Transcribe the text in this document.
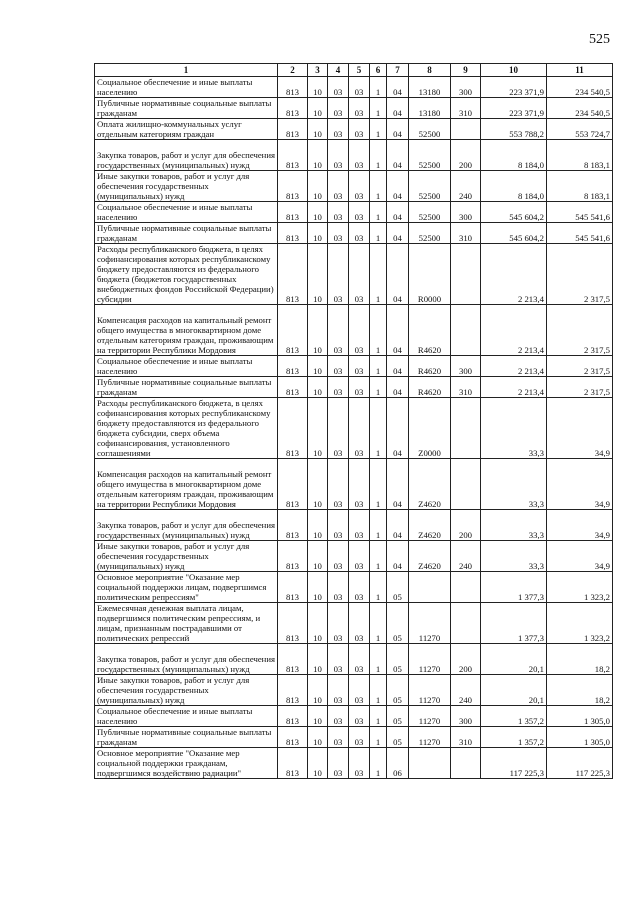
525
1	2	3	4	5	6	7	8	9	10	11

Социальное обеспечение и иные выплаты населению	813	10	03	03	1	04	13180	300	223 371,9	234 540,5

Публичные нормативные социальные выплаты гражданам	813	10	03	03	1	04	13180	310	223 371,9	234 540,5

Оплата жилищно-коммунальных услуг отдельным категориям граждан	813	10	03	03	1	04	52500		553 788,2	553 724,7

Закупка товаров, работ и услуг для обеспечения государственных (муниципальных) нужд	813	10	03	03	1	04	52500	200	8 184,0	8 183,1

Иные закупки товаров, работ и услуг для обеспечения государственных (муниципальных) нужд	813	10	03	03	1	04	52500	240	8 184,0	8 183,1

Социальное обеспечение и иные выплаты населению	813	10	03	03	1	04	52500	300	545 604,2	545 541,6

Публичные нормативные социальные выплаты гражданам	813	10	03	03	1	04	52500	310	545 604,2	545 541,6

Расходы республиканского бюджета, в целях софинансирования которых республиканскому бюджету предоставляются из федерального бюджета (бюджетов государственных внебюджетных фондов Российской Федерации) субсидии	813	10	03	03	1	04	R0000		2 213,4	2 317,5

Компенсация расходов на капитальный ремонт общего имущества в многоквартирном доме отдельным категориям граждан, проживающим на территории Республики Мордовия	813	10	03	03	1	04	R4620		2 213,4	2 317,5

Социальное обеспечение и иные выплаты населению	813	10	03	03	1	04	R4620	300	2 213,4	2 317,5

Публичные нормативные социальные выплаты гражданам	813	10	03	03	1	04	R4620	310	2 213,4	2 317,5

Расходы республиканского бюджета, в целях софинансирования которых республиканскому бюджету предоставляются из федерального бюджета субсидии, сверх объема софинансирования, установленного соглашениями	813	10	03	03	1	04	Z0000		33,3	34,9

Компенсация расходов на капитальный ремонт общего имущества в многоквартирном доме отдельным категориям граждан, проживающим на территории Республики Мордовия	813	10	03	03	1	04	Z4620		33,3	34,9

Закупка товаров, работ и услуг для обеспечения государственных (муниципальных) нужд	813	10	03	03	1	04	Z4620	200	33,3	34,9

Иные закупки товаров, работ и услуг для обеспечения государственных (муниципальных) нужд	813	10	03	03	1	04	Z4620	240	33,3	34,9

Основное мероприятие "Оказание мер социальной поддержки лицам, подвергшимся политическим репрессиям"	813	10	03	03	1	05			1 377,3	1 323,2

Ежемесячная денежная выплата лицам, подвергшимся политическим репрессиям, и лицам, признанным пострадавшими от политических репрессий	813	10	03	03	1	05	11270		1 377,3	1 323,2

Закупка товаров, работ и услуг для обеспечения государственных (муниципальных) нужд	813	10	03	03	1	05	11270	200	20,1	18,2

Иные закупки товаров, работ и услуг для обеспечения государственных (муниципальных) нужд	813	10	03	03	1	05	11270	240	20,1	18,2

Социальное обеспечение и иные выплаты населению	813	10	03	03	1	05	11270	300	1 357,2	1 305,0

Публичные нормативные социальные выплаты гражданам	813	10	03	03	1	05	11270	310	1 357,2	1 305,0

Основное мероприятие "Оказание мер социальной поддержки гражданам, подвергшимся воздействию радиации"	813	10	03	03	1	06			117 225,3	117 225,3
